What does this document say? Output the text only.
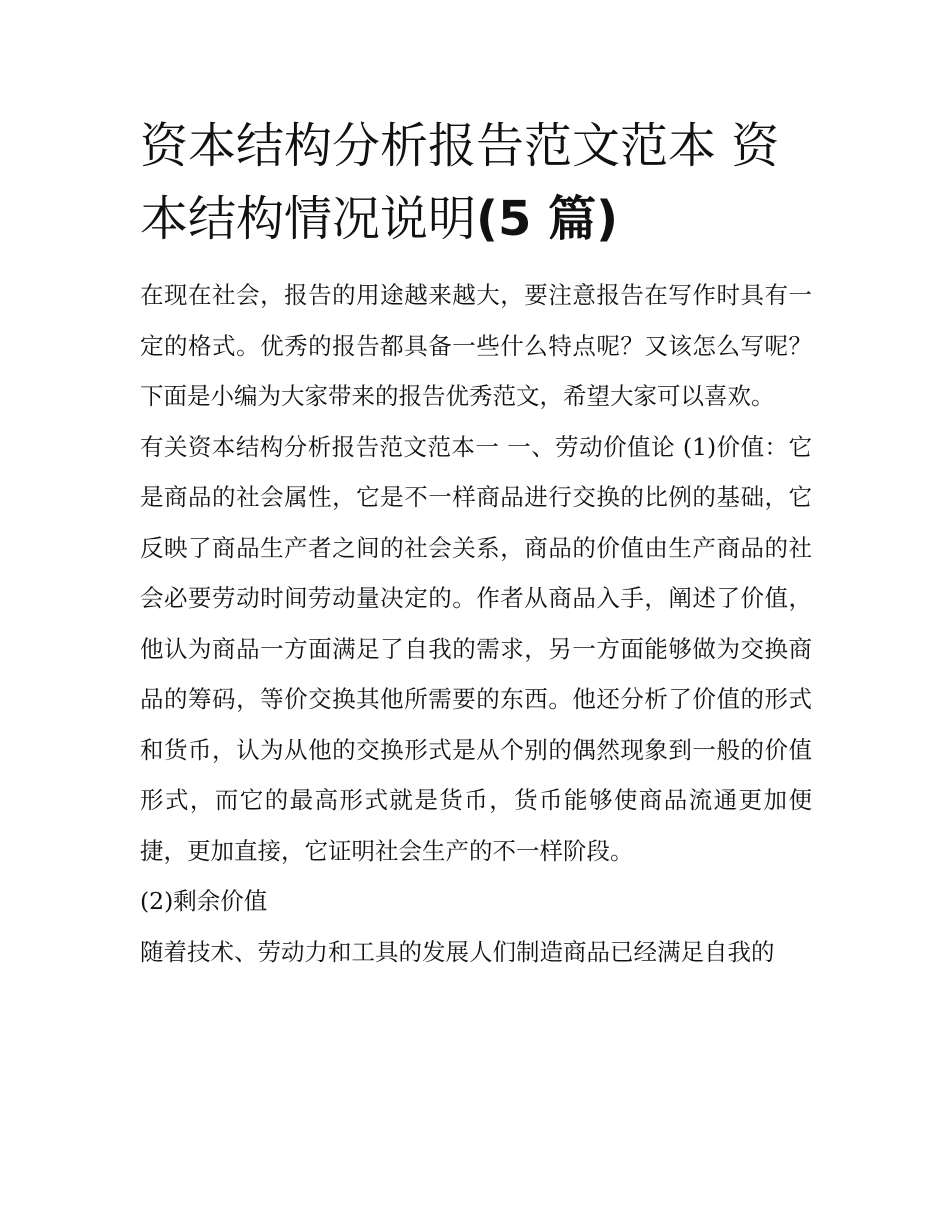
资本结构分析报告范文范本 资本结构情况说明(5 篇)

在现在社会，报告的用途越来越大，要注意报告在写作时具有一定的格式。优秀的报告都具备一些什么特点呢？又该怎么写呢？下面是小编为大家带来的报告优秀范文，希望大家可以喜欢。

有关资本结构分析报告范文范本一 一、劳动价值论 (1)价值：它是商品的社会属性，它是不一样商品进行交换的比例的基础，它反映了商品生产者之间的社会关系，商品的价值由生产商品的社会必要劳动时间劳动量决定的。作者从商品入手，阐述了价值，他认为商品一方面满足了自我的需求，另一方面能够做为交换商品的筹码，等价交换其他所需要的东西。他还分析了价值的形式和货币，认为从他的交换形式是从个别的偶然现象到一般的价值形式，而它的最高形式就是货币，货币能够使商品流通更加便捷，更加直接，它证明社会生产的不一样阶段。

(2)剩余价值

随着技术、劳动力和工具的发展人们制造商品已经满足自我的
